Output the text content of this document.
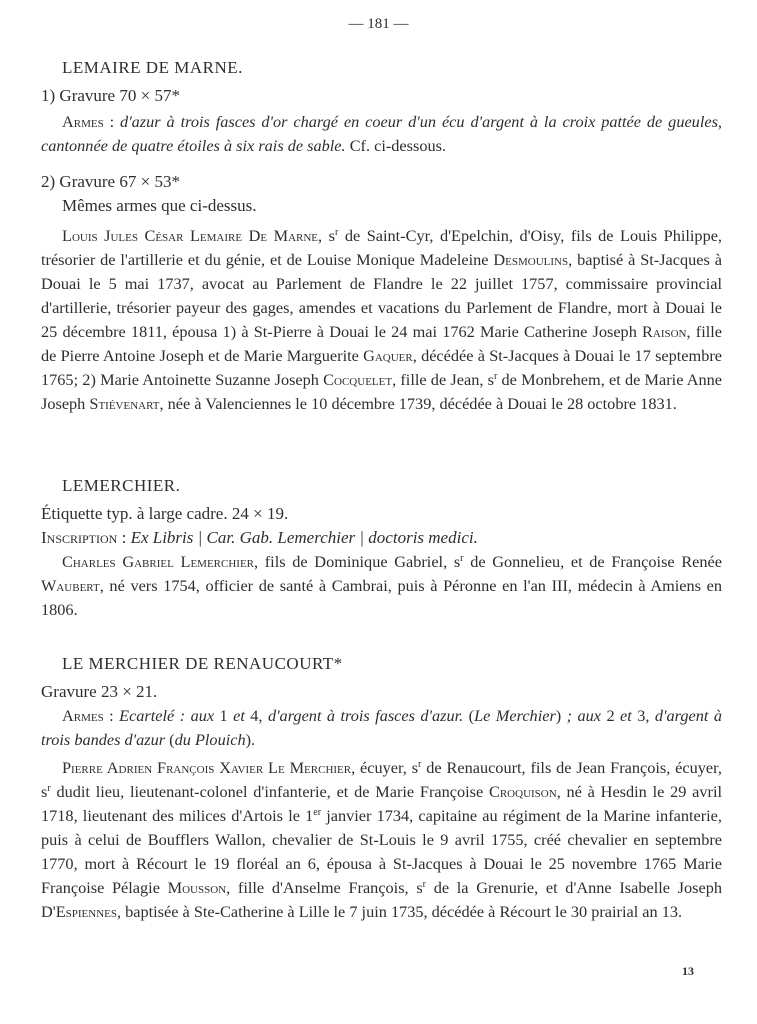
— 181 —

LEMAIRE DE MARNE.

1) Gravure 70 × 57*

Armes : d'azur à trois fasces d'or chargé en coeur d'un écu d'argent à la croix pattée de gueules, cantonnée de quatre étoiles à six rais de sable. Cf. ci-dessous.

2) Gravure 67 × 53*

Mêmes armes que ci-dessus.

Louis Jules César Lemaire De Marne, $s^r$ de Saint-Cyr, d'Epelchin, d'Oisy, fils de Louis Philippe, trésorier de l'artillerie et du génie, et de Louise Monique Madeleine Desmoulins, baptisé à St-Jacques à Douai le 5 mai 1737, avocat au Parlement de Flandre le 22 juillet 1757, commissaire provincial d'artillerie, trésorier payeur des gages, amendes et vacations du Parlement de Flandre, mort à Douai le 25 décembre 1811, épousa 1) à St-Pierre à Douai le 24 mai 1762 Marie Catherine Joseph Raison, fille de Pierre Antoine Joseph et de Marie Marguerite Gaquer, décédée à St-Jacques à Douai le 17 septembre 1765; 2) Marie Antoinette Suzanne Joseph Cocquelet, fille de Jean, $s^r$ de Monbrehem, et de Marie Anne Joseph Stiévenart, née à Valenciennes le 10 décembre 1739, décédée à Douai le 28 octobre 1831.

LEMERCHIER.

Étiquette typ. à large cadre. 24 × 19.

Inscription : Ex Libris | Car. Gab. Lemerchier | doctoris medici.

Charles Gabriel Lemerchier, fils de Dominique Gabriel, $s^r$ de Gonnelieu, et de Françoise Renée Waubert, né vers 1754, officier de santé à Cambrai, puis à Péronne en l'an III, médecin à Amiens en 1806.

LE MERCHIER DE RENAUCOURT*

Gravure 23 × 21.

Armes : Ecartelé : aux 1 et 4, d'argent à trois fasces d'azur. (Le Merchier) ; aux 2 et 3, d'argent à trois bandes d'azur (du Plouich).

Pierre Adrien François Xavier Le Merchier, écuyer, $s^r$ de Renaucourt, fils de Jean François, écuyer, $s^r$ dudit lieu, lieutenant-colonel d'infanterie, et de Marie Françoise Croquison, né à Hesdin le 29 avril 1718, lieutenant des milices d'Artois le 1er janvier 1734, capitaine au régiment de la Marine infanterie, puis à celui de Boufflers Wallon, chevalier de St-Louis le 9 avril 1755, créé chevalier en septembre 1770, mort à Récourt le 19 floréal an 6, épousa à St-Jacques à Douai le 25 novembre 1765 Marie Françoise Pélagie Mousson, fille d'Anselme François, $s^r$ de la Grenurie, et d'Anne Isabelle Joseph D'Espiennes, baptisée à Ste-Catherine à Lille le 7 juin 1735, décédée à Récourt le 30 prairial an 13.

13
